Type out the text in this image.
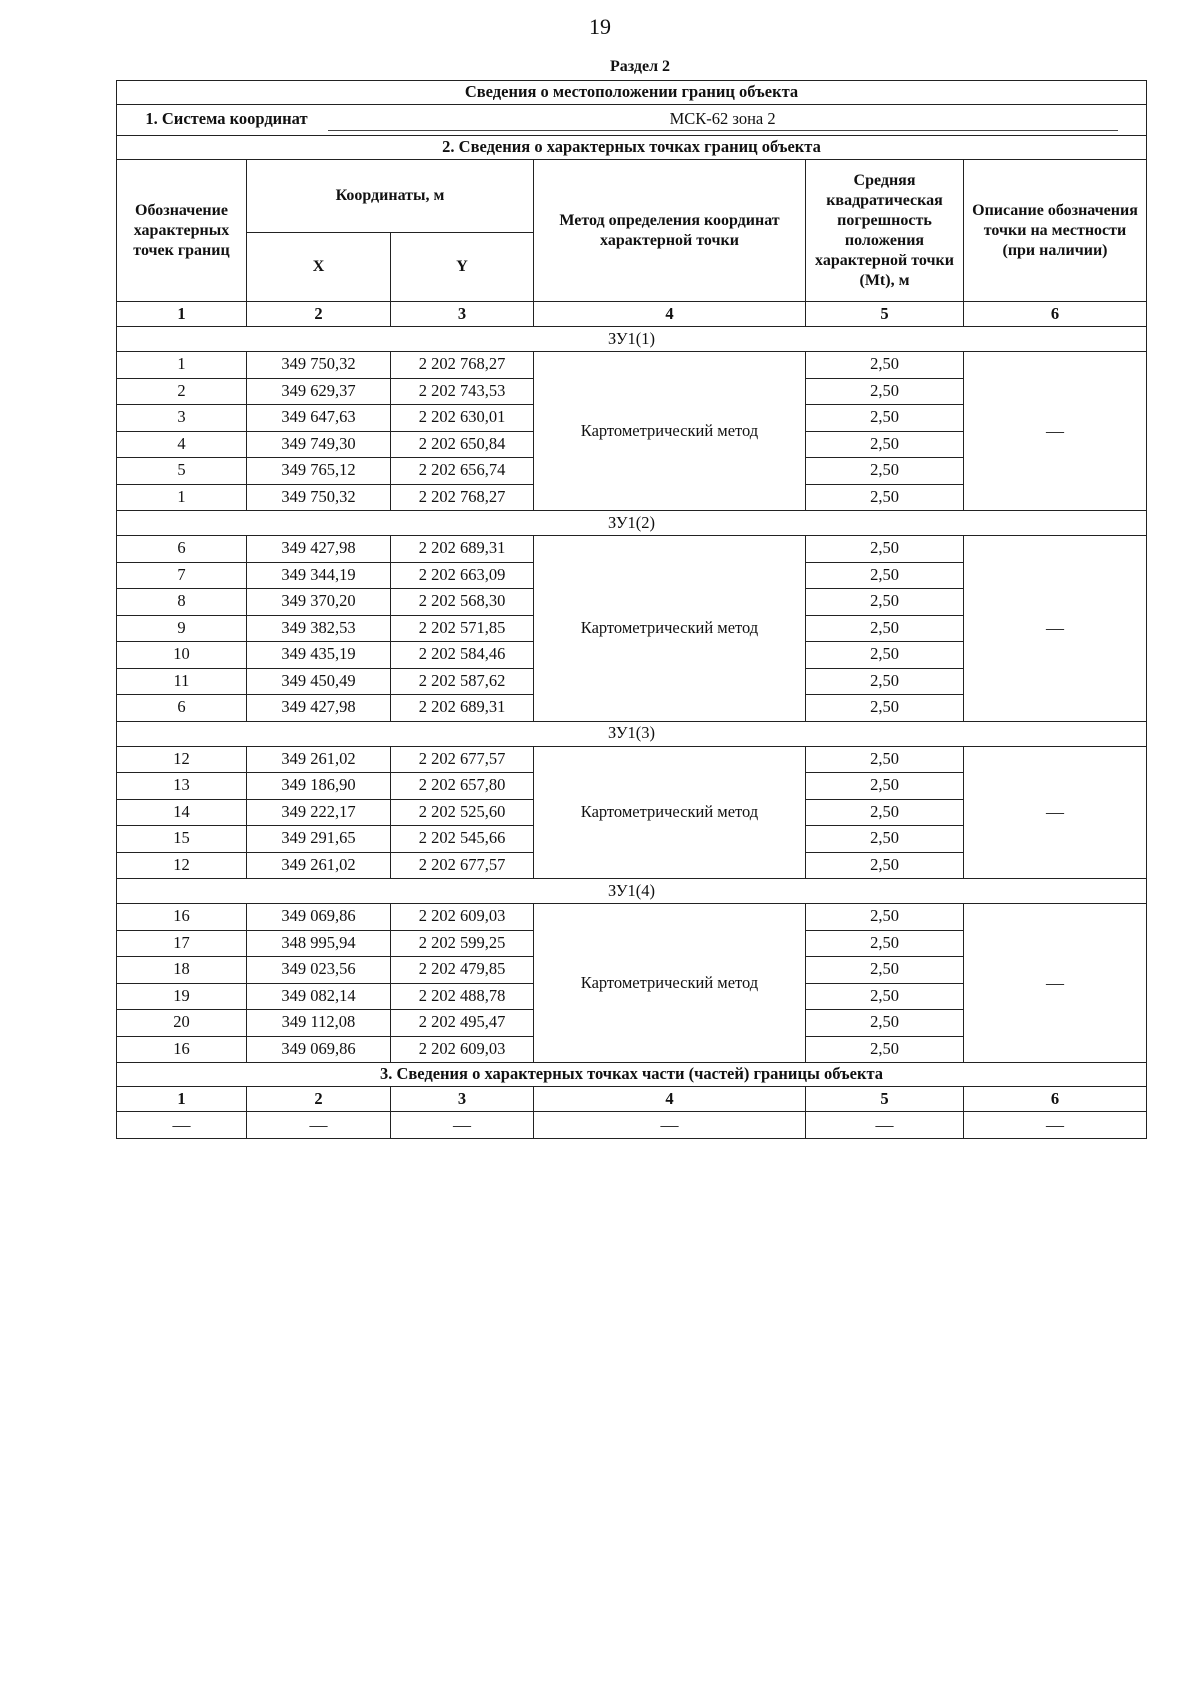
19
Раздел 2
Сведения о местоположении границ объекта					
1. Система координат МСК-62 зона 2					
2. Сведения о характерных точках границ объекта					
Обозначение характерных точек границ	Координаты, м		Метод определения координат характерной точки	Средняя квадратическая погрешность положения характерной точки (Mt), м	Описание обозначения точки на местности (при наличии)
	X	Y			
1	2	3	4	5	6
ЗУ1(1)					
1	349 750,32	2 202 768,27	Картометрический метод	2,50	—
2	349 629,37	2 202 743,53		2,50	
3	349 647,63	2 202 630,01		2,50	
4	349 749,30	2 202 650,84		2,50	
5	349 765,12	2 202 656,74		2,50	
1	349 750,32	2 202 768,27		2,50	
ЗУ1(2)					
6	349 427,98	2 202 689,31	Картометрический метод	2,50	—
7	349 344,19	2 202 663,09		2,50	
8	349 370,20	2 202 568,30		2,50	
9	349 382,53	2 202 571,85		2,50	
10	349 435,19	2 202 584,46		2,50	
11	349 450,49	2 202 587,62		2,50	
6	349 427,98	2 202 689,31		2,50	
ЗУ1(3)					
12	349 261,02	2 202 677,57	Картометрический метод	2,50	—
13	349 186,90	2 202 657,80		2,50	
14	349 222,17	2 202 525,60		2,50	
15	349 291,65	2 202 545,66		2,50	
12	349 261,02	2 202 677,57		2,50	
ЗУ1(4)					
16	349 069,86	2 202 609,03	Картометрический метод	2,50	—
17	348 995,94	2 202 599,25		2,50	
18	349 023,56	2 202 479,85		2,50	
19	349 082,14	2 202 488,78		2,50	
20	349 112,08	2 202 495,47		2,50	
16	349 069,86	2 202 609,03		2,50	
3. Сведения о характерных точках части (частей) границы объекта					
1	2	3	4	5	6
—	—	—	—	—	—
